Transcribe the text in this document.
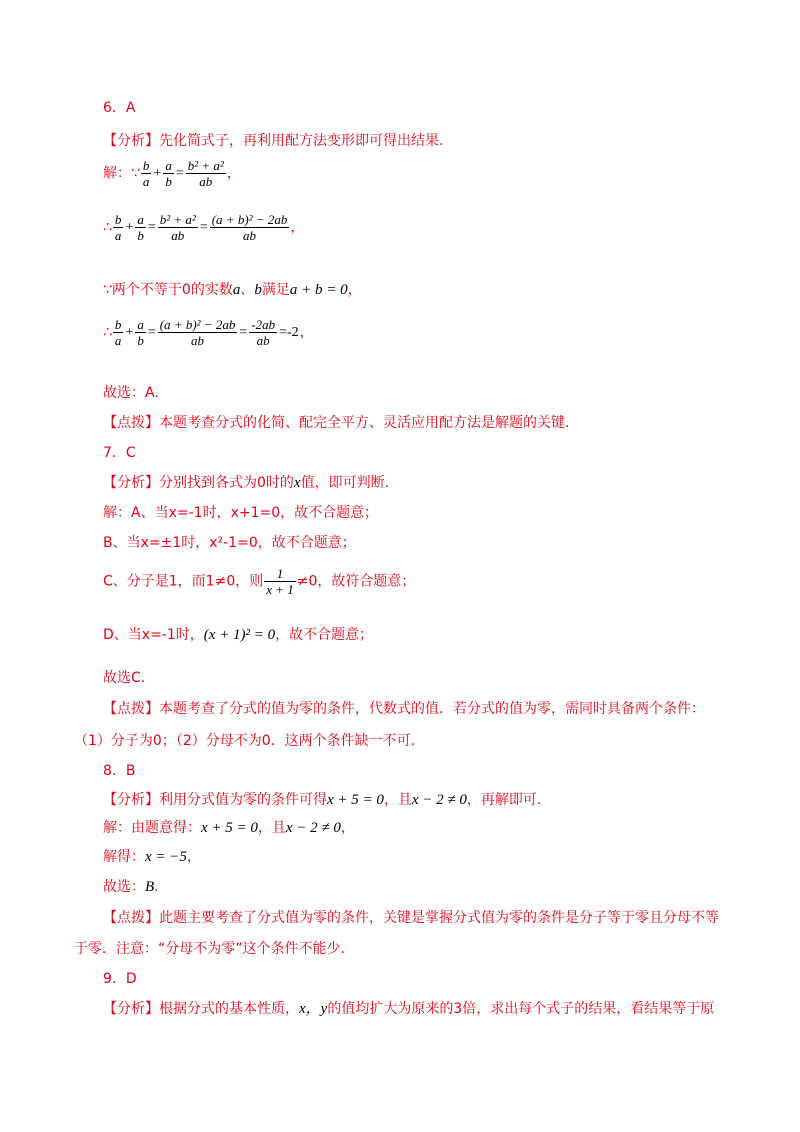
6．A
【分析】先化简式子，再利用配方法变形即可得出结果.
解：∵ $\frac{b}{a} + \frac{a}{b} = \frac{\text{b² + a²}}{ab}$ ，
∴ $\frac{b}{a} + \frac{a}{b} = \frac{\text{b² + a²}}{ab} = \frac{\text{(a + b)² − 2ab}}{ab}$ ，
∵两个不等于0的实数a、b满足a + b = 0，
∴ $\frac{b}{a} + \frac{a}{b} = \frac{\text{(a + b)² − 2ab}}{ab} = \frac{-2ab}{ab} =-2$，
故选：A.
【点拨】本题考查分式的化简、配完全平方、灵活应用配方法是解题的关键.
7．C
【分析】分别找到各式为0时的x值，即可判断.
解：A、当x=-1时，x+1=0，故不合题意；
B、当x=±1时，x²-1=0，故不合题意；
C、分子是1，而1≠0，则 $\frac{1}{x + 1} \ne 0$，故符合题意；
D、当x=-1时，(x + 1)² = 0，故不合题意；
故选C.
【点拨】本题考查了分式的值为零的条件，代数式的值．若分式的值为零，需同时具备两个条件：
（1）分子为0；（2）分母不为0．这两个条件缺一不可.
8．B
【分析】利用分式值为零的条件可得x + 5 = 0，且x − 2 ≠ 0，再解即可.
解：由题意得：x + 5 = 0，且x − 2 ≠ 0，
解得：x = −5，
故选：B.
【点拨】此题主要考查了分式值为零的条件，关键是掌握分式值为零的条件是分子等于零且分母不等
于零．注意：“分母不为零”这个条件不能少.
9．D
【分析】根据分式的基本性质，x，y的值均扩大为原来的3倍，求出每个式子的结果，看结果等于原
